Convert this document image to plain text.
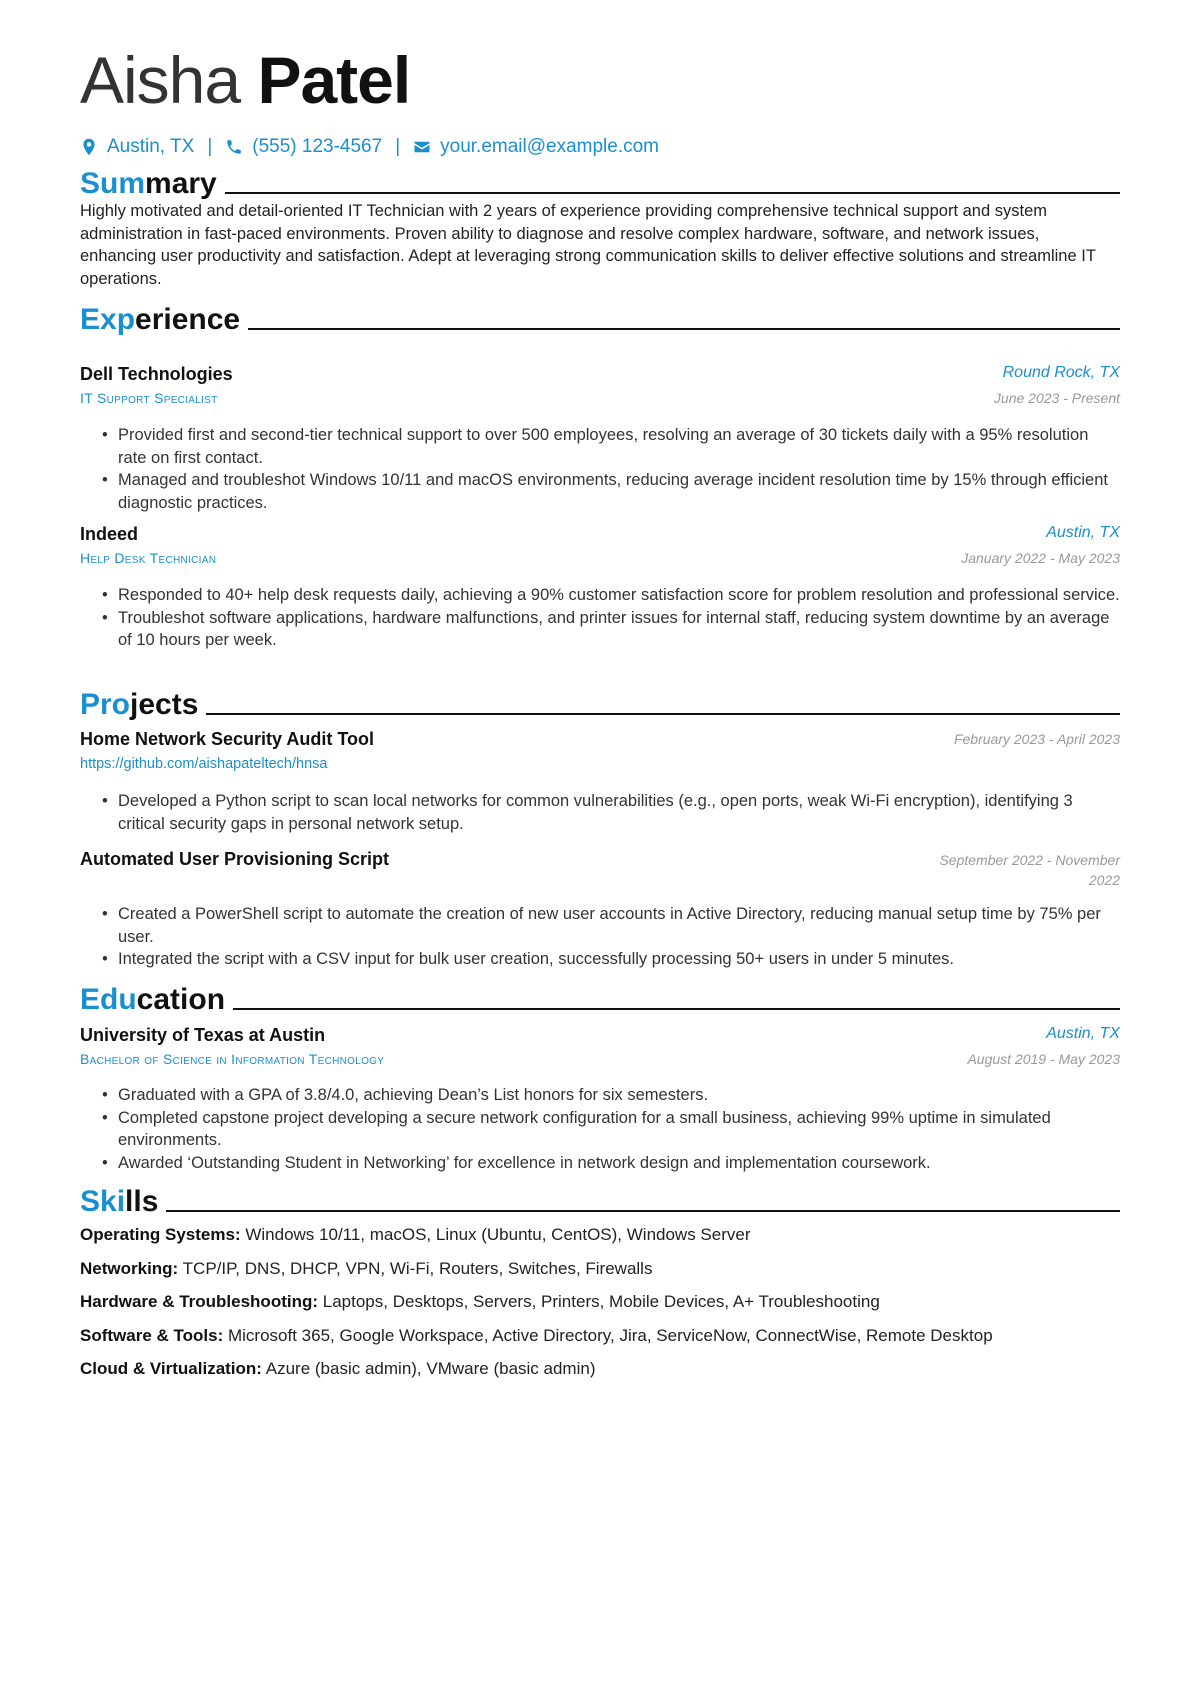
Aisha Patel
Austin, TX | (555) 123-4567 | your.email@example.com
Summary
Highly motivated and detail-oriented IT Technician with 2 years of experience providing comprehensive technical support and system administration in fast-paced environments. Proven ability to diagnose and resolve complex hardware, software, and network issues, enhancing user productivity and satisfaction. Adept at leveraging strong communication skills to deliver effective solutions and streamline IT operations.
Experience
Dell Technologies	Round Rock, TX
IT Support Specialist	June 2023 - Present
• Provided first and second-tier technical support to over 500 employees, resolving an average of 30 tickets daily with a 95% resolution rate on first contact.
• Managed and troubleshot Windows 10/11 and macOS environments, reducing average incident resolution time by 15% through efficient diagnostic practices.
Indeed	Austin, TX
Help Desk Technician	January 2022 - May 2023
• Responded to 40+ help desk requests daily, achieving a 90% customer satisfaction score for problem resolution and professional service.
• Troubleshot software applications, hardware malfunctions, and printer issues for internal staff, reducing system downtime by an average of 10 hours per week.
Projects
Home Network Security Audit Tool	February 2023 - April 2023
https://github.com/aishapateltech/hnsa
• Developed a Python script to scan local networks for common vulnerabilities (e.g., open ports, weak Wi-Fi encryption), identifying 3 critical security gaps in personal network setup.
Automated User Provisioning Script	September 2022 - November 2022
• Created a PowerShell script to automate the creation of new user accounts in Active Directory, reducing manual setup time by 75% per user.
• Integrated the script with a CSV input for bulk user creation, successfully processing 50+ users in under 5 minutes.
Education
University of Texas at Austin	Austin, TX
Bachelor of Science in Information Technology	August 2019 - May 2023
• Graduated with a GPA of 3.8/4.0, achieving Dean’s List honors for six semesters.
• Completed capstone project developing a secure network configuration for a small business, achieving 99% uptime in simulated environments.
• Awarded ‘Outstanding Student in Networking’ for excellence in network design and implementation coursework.
Skills
Operating Systems: Windows 10/11, macOS, Linux (Ubuntu, CentOS), Windows Server
Networking: TCP/IP, DNS, DHCP, VPN, Wi-Fi, Routers, Switches, Firewalls
Hardware & Troubleshooting: Laptops, Desktops, Servers, Printers, Mobile Devices, A+ Troubleshooting
Software & Tools: Microsoft 365, Google Workspace, Active Directory, Jira, ServiceNow, ConnectWise, Remote Desktop
Cloud & Virtualization: Azure (basic admin), VMware (basic admin)
